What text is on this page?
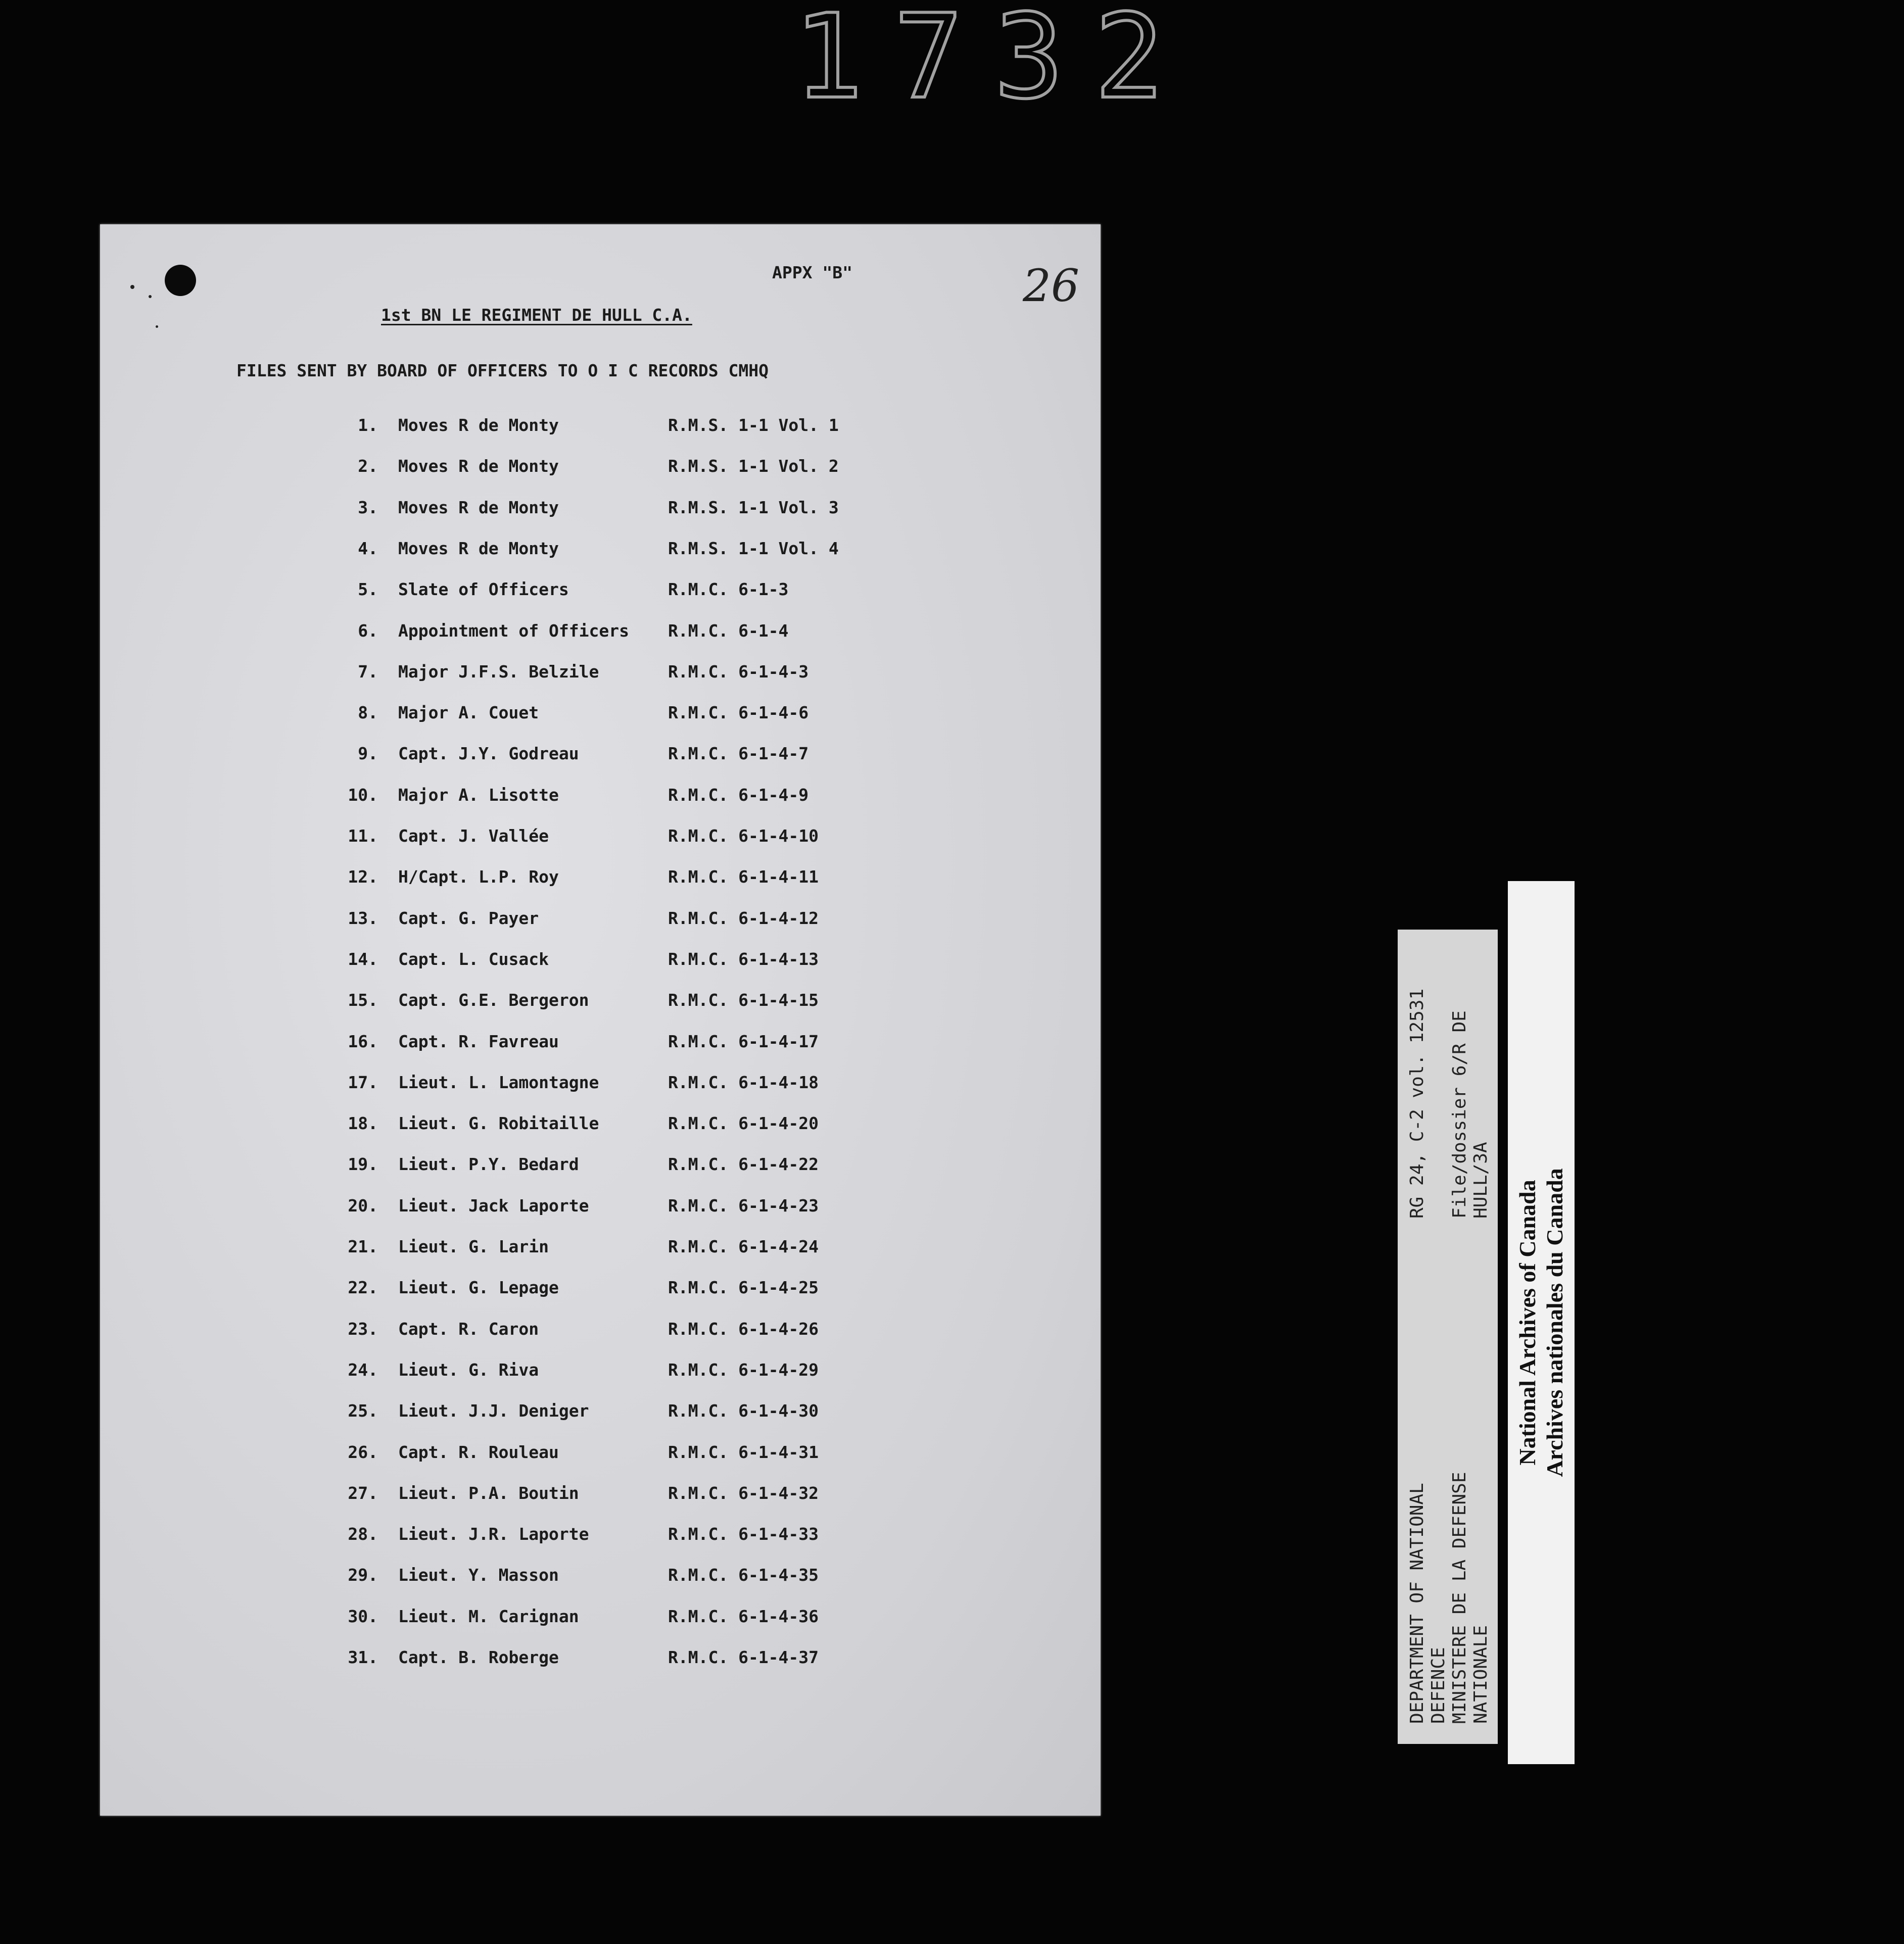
1732
APPX "B"	26
1st BN LE REGIMENT DE HULL C.A.
FILES SENT BY BOARD OF OFFICERS TO O I C RECORDS CMHQ
1. Moves R de Monty	R.M.S. 1-1 Vol. 1
2. Moves R de Monty	R.M.S. 1-1 Vol. 2
3. Moves R de Monty	R.M.S. 1-1 Vol. 3
4. Moves R de Monty	R.M.S. 1-1 Vol. 4
5. Slate of Officers	R.M.C. 6-1-3
6. Appointment of Officers R.M.C. 6-1-4
7. Major J.F.S. Belzile	R.M.C. 6-1-4-3
8. Major A. Couet	R.M.C. 6-1-4-6
9. Capt. J.Y. Godreau	R.M.C. 6-1-4-7
10. Major A. Lisotte	R.M.C. 6-1-4-9
11. Capt. J. Vallée	R.M.C. 6-1-4-10
12. H/Capt. L.P. Roy	R.M.C. 6-1-4-11
13. Capt. G. Payer	R.M.C. 6-1-4-12
14. Capt. L. Cusack	R.M.C. 6-1-4-13
15. Capt. G.E. Bergeron	R.M.C. 6-1-4-15
16. Capt. R. Favreau	R.M.C. 6-1-4-17
17. Lieut. L. Lamontagne	R.M.C. 6-1-4-18
18. Lieut. G. Robitaille	R.M.C. 6-1-4-20
19. Lieut. P.Y. Bedard	R.M.C. 6-1-4-22
20. Lieut. Jack Laporte	R.M.C. 6-1-4-23
21. Lieut. G. Larin	R.M.C. 6-1-4-24
22. Lieut. G. Lepage	R.M.C. 6-1-4-25
23. Capt. R. Caron	R.M.C. 6-1-4-26
24. Lieut. G. Riva	R.M.C. 6-1-4-29
25. Lieut. J.J. Deniger	R.M.C. 6-1-4-30
26. Capt. R. Rouleau	R.M.C. 6-1-4-31
27. Lieut. P.A. Boutin	R.M.C. 6-1-4-32
28. Lieut. J.R. Laporte	R.M.C. 6-1-4-33
29. Lieut. Y. Masson	R.M.C. 6-1-4-35
30. Lieut. M. Carignan	R.M.C. 6-1-4-36
31. Capt. B. Roberge	R.M.C. 6-1-4-37	DEPARTMENT OF NATIONAL DEFENCE MINISTERE DE LA DEFENSE NATIONALE
RG 24, C-2 vol. 12531 File/dossier 6/R DE HULL/3A National Archives of Canada Archives nationales du Canada
